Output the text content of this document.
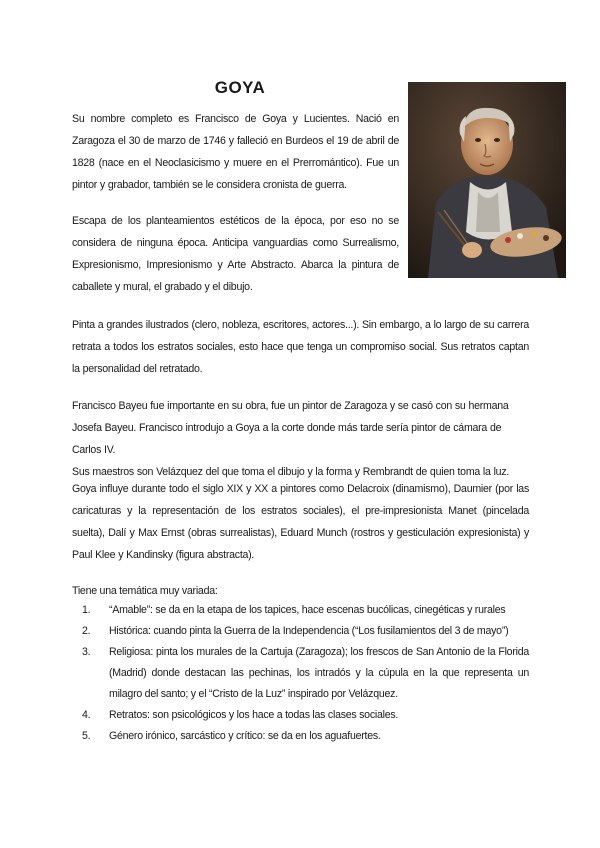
GOYA

Su nombre completo es Francisco de Goya y Lucientes. Nació en Zaragoza el 30 de marzo de 1746 y falleció en Burdeos el 19 de abril de 1828 (nace en el Neoclasicismo y muere en el Prerromántico). Fue un pintor y grabador, también se le considera cronista de guerra.

Escapa de los planteamientos estéticos de la época, por eso no se considera de ninguna época. Anticipa vanguardias como Surrealismo, Expresionismo, Impresionismo y Arte Abstracto. Abarca la pintura de caballete y mural, el grabado y el dibujo.

Pinta a grandes ilustrados (clero, nobleza, escritores, actores...). Sin embargo, a lo largo de su carrera retrata a todos los estratos sociales, esto hace que tenga un compromiso social. Sus retratos captan la personalidad del retratado.

Francisco Bayeu fue importante en su obra, fue un pintor de Zaragoza y se casó con su hermana Josefa Bayeu. Francisco introdujo a Goya a la corte donde más tarde sería pintor de cámara de Carlos IV.
Sus maestros son Velázquez del que toma el dibujo y la forma y Rembrandt de quien toma la luz.

Goya influye durante todo el siglo XIX y XX a pintores como Delacroix (dinamismo), Daumier (por las caricaturas y la representación de los estratos sociales), el pre-impresionista Manet (pincelada suelta), Dalí y Max Ernst (obras surrealistas), Eduard Munch (rostros y gesticulación expresionista) y Paul Klee y Kandinsky (figura abstracta).

Tiene una temática muy variada:
1. “Amable”: se da en la etapa de los tapices, hace escenas bucólicas, cinegéticas y rurales
2. Histórica: cuando pinta la Guerra de la Independencia (“Los fusilamientos del 3 de mayo”)
3. Religiosa: pinta los murales de la Cartuja (Zaragoza); los frescos de San Antonio de la Florida (Madrid) donde destacan las pechinas, los intradós y la cúpula en la que representa un milagro del santo; y el “Cristo de la Luz” inspirado por Velázquez.
4. Retratos: son psicológicos y los hace a todas las clases sociales.
5. Género irónico, sarcástico y crítico: se da en los aguafuertes.
